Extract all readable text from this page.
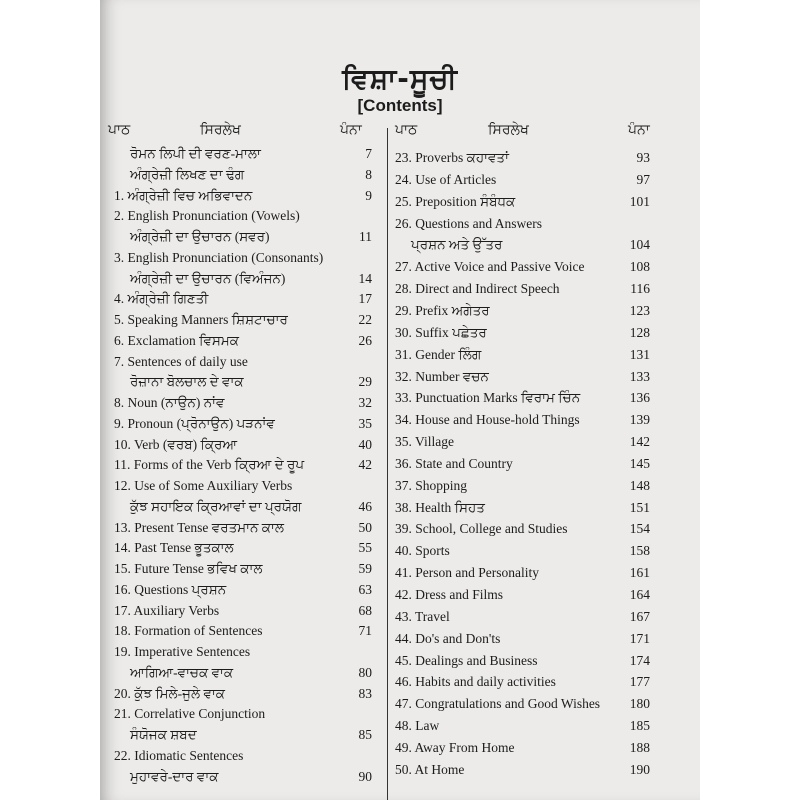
ਵਿਸ਼ਾ-ਸੂਚੀ
[Contents]
ਪਾਠ	ਸਿਰਲੇਖ	ਪੰਨਾ ਪਾਠ	ਸਿਰਲੇਖ	ਪੰਨਾ
ਰੋਮਨ ਲਿਪੀ ਦੀ ਵਰਣ-ਮਾਲਾ	7
ਅੰਗ੍ਰੇਜ਼ੀ ਲਿਖਣ ਦਾ ਢੰਗ	8
1. ਅੰਗ੍ਰੇਜ਼ੀ ਵਿਚ ਅਭਿਵਾਦਨ	9
2. English Pronunciation (Vowels)
ਅੰਗ੍ਰੇਜ਼ੀ ਦਾ ਉਚਾਰਨ (ਸਵਰ)	11
3. English Pronunciation (Consonants)
ਅੰਗ੍ਰੇਜ਼ੀ ਦਾ ਉਚਾਰਨ (ਵਿਅੰਜਨ)	14
4. ਅੰਗ੍ਰੇਜ਼ੀ ਗਿਣਤੀ	17
5. Speaking Manners ਸ਼ਿਸ਼ਟਾਚਾਰ	22
6. Exclamation ਵਿਸਮਕ	26
7. Sentences of daily use
ਰੋਜ਼ਾਨਾ ਬੋਲਚਾਲ ਦੇ ਵਾਕ	29
8. Noun (ਨਾਉਨ) ਨਾਂਵ	32
9. Pronoun (ਪ੍ਰੋਨਾਉਨ) ਪੜਨਾਂਵ	35
10. Verb (ਵਰਬ) ਕ੍ਰਿਆ	40
11. Forms of the Verb ਕ੍ਰਿਆ ਦੇ ਰੂਪ	42
12. Use of Some Auxiliary Verbs
ਕੁੱਝ ਸਹਾਇਕ ਕ੍ਰਿਆਵਾਂ ਦਾ ਪ੍ਰਯੋਗ	46
13. Present Tense ਵਰਤਮਾਨ ਕਾਲ	50
14. Past Tense ਭੂਤਕਾਲ	55
15. Future Tense ਭਵਿਖ ਕਾਲ	59
16. Questions ਪ੍ਰਸ਼ਨ	63
17. Auxiliary Verbs	68
18. Formation of Sentences	71
19. Imperative Sentences
ਆਗਿਆ-ਵਾਚਕ ਵਾਕ	80
20. ਕੁੱਝ ਮਿਲੇ-ਜੁਲੇ ਵਾਕ	83
21. Correlative Conjunction
ਸੰਯੋਜਕ ਸ਼ਬਦ	85
22. Idiomatic Sentences
ਮੁਹਾਵਰੇ-ਦਾਰ ਵਾਕ	90
23. Proverbs ਕਹਾਵਤਾਂ	93
24. Use of Articles	97
25. Preposition ਸੰਬੰਧਕ	101
26. Questions and Answers
ਪ੍ਰਸ਼ਨ ਅਤੇ ਉੱਤਰ	104
27. Active Voice and Passive Voice	108
28. Direct and Indirect Speech	116
29. Prefix ਅਗੇਤਰ	123
30. Suffix ਪਛੇਤਰ	128
31. Gender ਲਿੰਗ	131
32. Number ਵਚਨ	133
33. Punctuation Marks ਵਿਰਾਮ ਚਿੰਨ	136
34. House and House-hold Things	139
35. Village	142
36. State and Country	145
37. Shopping	148
38. Health ਸਿਹਤ	151
39. School, College and Studies	154
40. Sports	158
41. Person and Personality	161
42. Dress and Films	164
43. Travel	167
44. Do's and Don'ts	171
45. Dealings and Business	174
46. Habits and daily activities	177
47. Congratulations and Good Wishes 180
48. Law	185
49. Away From Home	188
50. At Home	190
